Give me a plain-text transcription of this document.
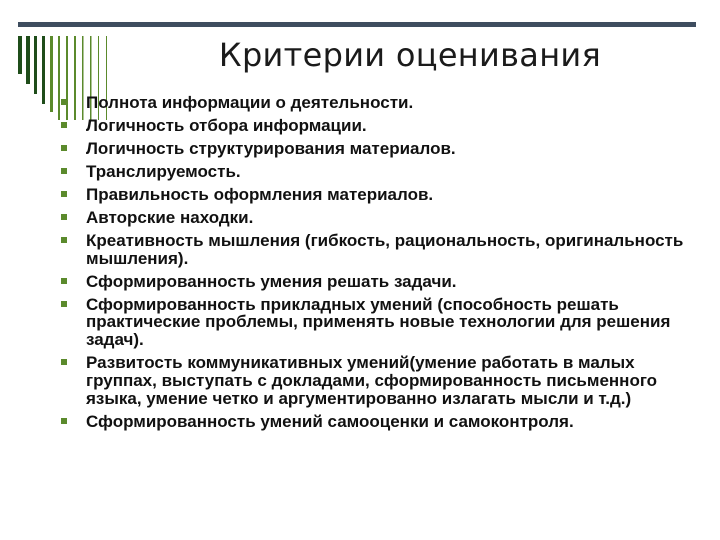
Критерии оценивания
Полнота информации о деятельности.
Логичность отбора информации.
Логичность структурирования материалов.
Транслируемость.
Правильность оформления материалов.
Авторские находки.
Креативность мышления (гибкость, рациональность, оригинальность мышления).
Сформированность умения решать задачи.
Сформированность прикладных умений (способность решать практические проблемы, применять новые технологии для решения задач).
Развитость коммуникативных умений(умение работать в малых группах, выступать с докладами, сформированность письменного языка, умение четко и аргументированно излагать мысли и т.д.)
Сформированность умений самооценки и самоконтроля.
